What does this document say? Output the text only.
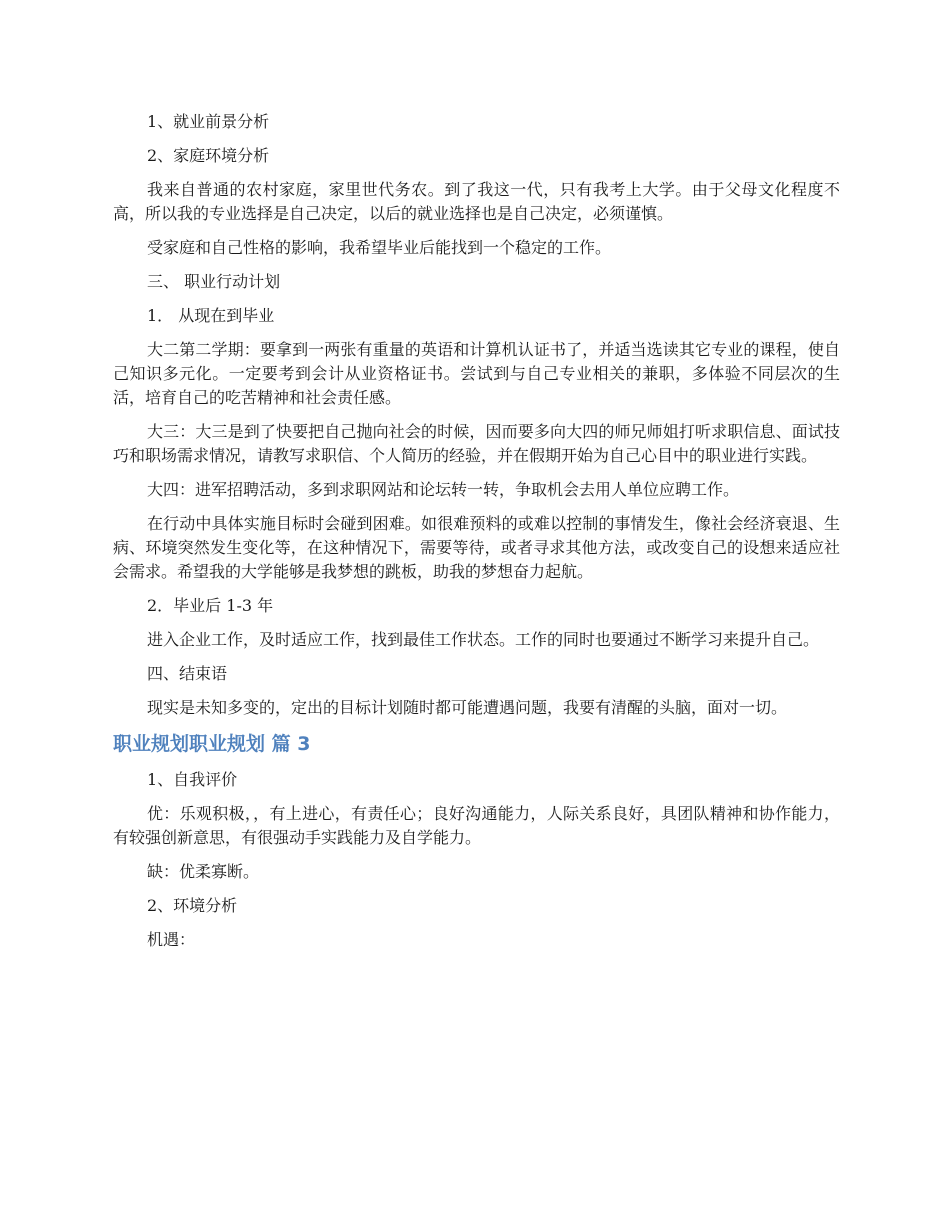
1、就业前景分析

2、家庭环境分析

我来自普通的农村家庭，家里世代务农。到了我这一代，只有我考上大学。由于父母文化程度不高，所以我的专业选择是自己决定，以后的就业选择也是自己决定，必须谨慎。

受家庭和自己性格的影响，我希望毕业后能找到一个稳定的工作。

三、 职业行动计划

1． 从现在到毕业

大二第二学期：要拿到一两张有重量的英语和计算机认证书了，并适当选读其它专业的课程，使自己知识多元化。一定要考到会计从业资格证书。尝试到与自己专业相关的兼职，多体验不同层次的生活，培育自己的吃苦精神和社会责任感。

大三：大三是到了快要把自己抛向社会的时候，因而要多向大四的师兄师姐打听求职信息、面试技巧和职场需求情况，请教写求职信、个人简历的经验，并在假期开始为自己心目中的职业进行实践。

大四：进军招聘活动，多到求职网站和论坛转一转，争取机会去用人单位应聘工作。

在行动中具体实施目标时会碰到困难。如很难预料的或难以控制的事情发生，像社会经济衰退、生病、环境突然发生变化等，在这种情况下，需要等待，或者寻求其他方法，或改变自己的设想来适应社会需求。希望我的大学能够是我梦想的跳板，助我的梦想奋力起航。

2．毕业后 1-3 年

进入企业工作，及时适应工作，找到最佳工作状态。工作的同时也要通过不断学习来提升自己。

四、结束语

现实是未知多变的，定出的目标计划随时都可能遭遇问题，我要有清醒的头脑，面对一切。

职业规划职业规划 篇 3

1、自我评价

优：乐观积极，，有上进心，有责任心；良好沟通能力，人际关系良好，具团队精神和协作能力，有较强创新意思，有很强动手实践能力及自学能力。

缺：优柔寡断。

2、环境分析

机遇：
